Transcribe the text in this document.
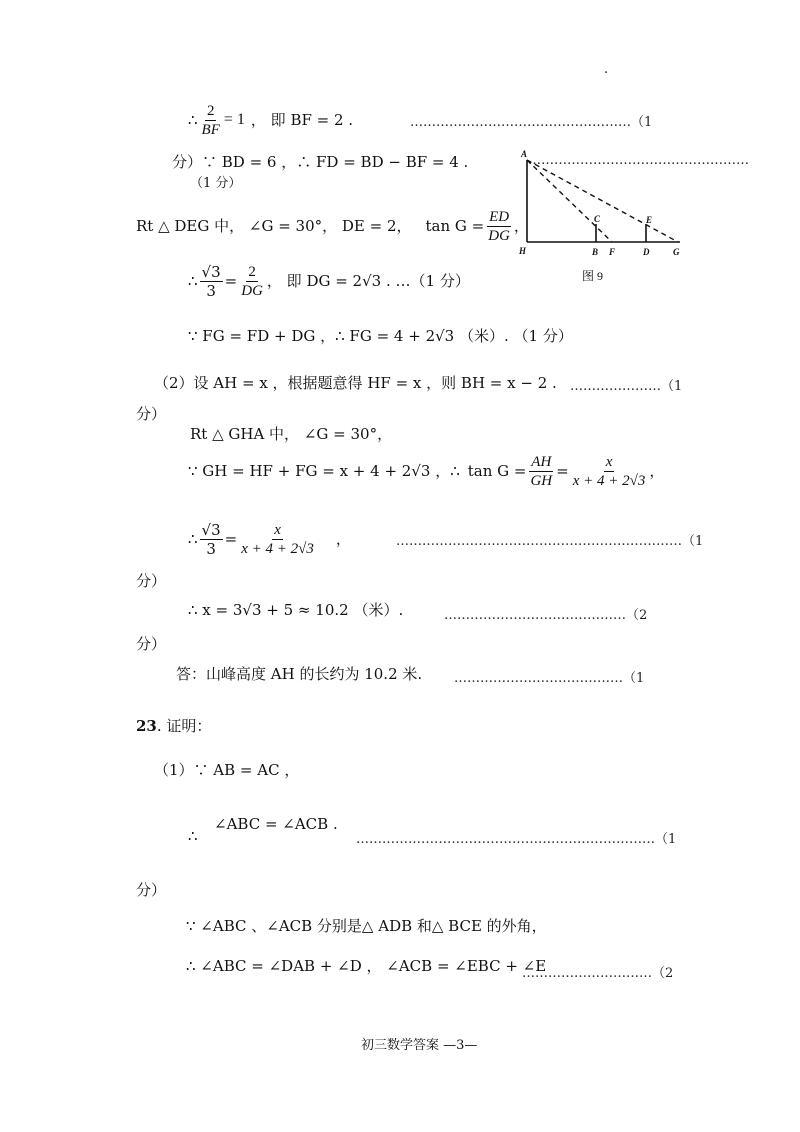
.
∴ $\frac{2}{BF} = 1$ ， 即 BF = 2 .	……………………………………………（1
分）∵ BD = 6 ，∴ FD = BD − BF = 4 .	……………………………………………
（1 分）
Rt △ DEG 中， ∠G = 30°， DE = 2， $\tan G = \frac{ED}{DG}$ ，
∴ $\frac{√3}{3} = \frac{2}{DG}$ ， 即 DG = 2√3 . …（1 分）
∵ FG = FD + DG ，∴ FG = 4 + 2√3 （米）. （1 分）
（2）设 AH = x ，根据题意得 HF = x ，则 BH = x − 2 . …………………（1
分）
Rt △ GHA 中， ∠G = 30°，
∵ GH = HF + FG = x + 4 + 2√3 ，∴ $\tan G = \frac{AH}{GH} = \frac{x}{x + 4 + 2√3}$ ，
∴ $\frac{√3}{3} = \frac{x}{x + 4 + 2√3}$ ，	…………………………………………………………（1
分）
∴ x = 3√3 + 5 ≈ 10.2 （米）.	……………………………………（2
分）
答：山峰高度 AH 的长约为 10.2 米. …………………………………（1
23. 证明：
（1）∵ AB = AC ，
∴
∠ABC = ∠ACB .
……………………………………………………………（1
分）
∵ ∠ABC 、∠ACB 分别是△ ADB 和△ BCE 的外角，
∴ ∠ABC = ∠DAB + ∠D ， ∠ACB = ∠EBC + ∠E
…………………………（2
A
C	E
H	B F	D	G
图 9
初三数学答案 —3—
